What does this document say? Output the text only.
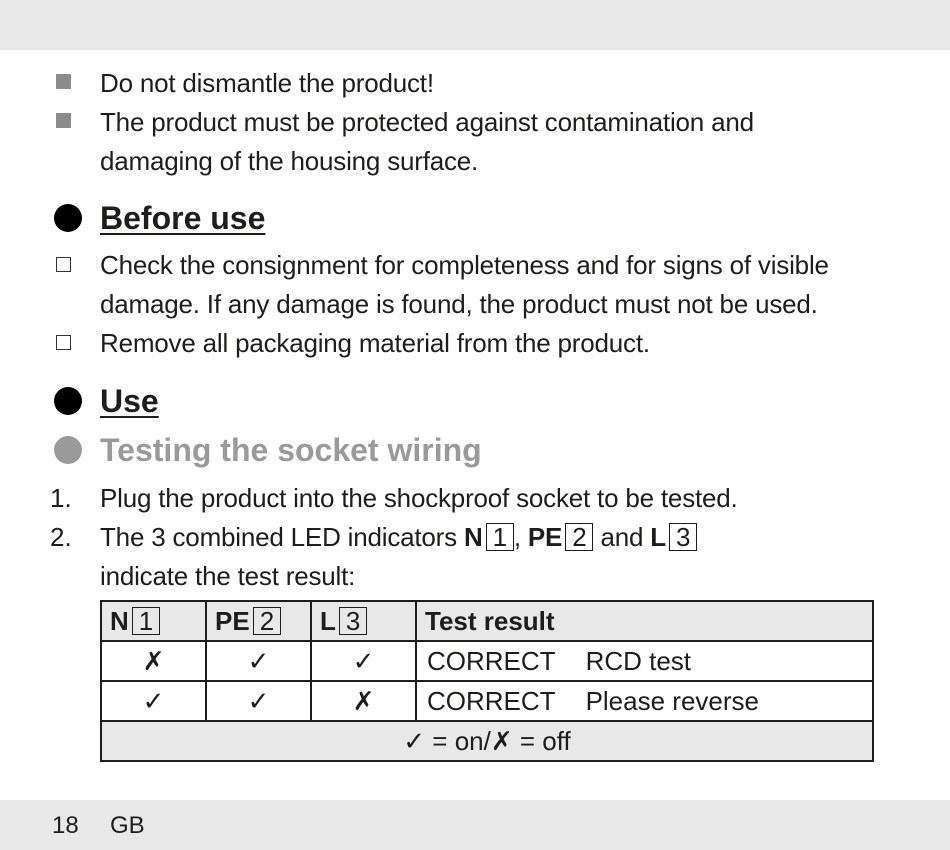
Do not dismantle the product!
The product must be protected against contamination and
damaging of the housing surface.
Before use
Check the consignment for completeness and for signs of visible
damage. If any damage is found, the product must not be used.
Remove all packaging material from the product.
Use
Testing the socket wiring
1. Plug the product into the shockproof socket to be tested.
2. The 3 combined LED indicators N 1 , PE 2 and L 3
indicate the test result:
N 1	PE 2	L 3	Test result
✗	✓	✓	CORRECT RCD test
✓	✓	✗	CORRECT Please reverse
✓ = on/✗ = off			
18 GB
